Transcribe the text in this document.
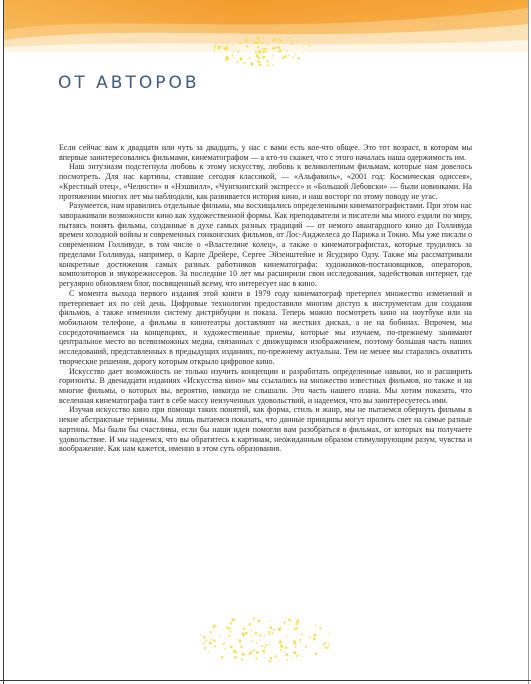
ОТ АВТОРОВ

Если сейчас вам к двадцати или чуть за двадцать, у нас с вами есть кое-что общее. Это тот возраст, в котором мы впервые заинтересовались фильмами, кинематографом — а кто-то скажет, что с этого началась наша одержимость им.

Наш энтузиазм подстегнула любовь к этому искусству, любовь к великолепным фильмам, которые нам довелось посмотреть. Для нас картины, ставшие сегодня классикой, — «Альфавиль», «2001 год: Космическая одиссея», «Крестный отец», «Челюсти» и «Нэшвилл», «Чунгкингский экспресс» и «Большой Лебовски» — были новинками. На протяжении многих лет мы наблюдали, как развивается история кино, и наш восторг по этому поводу не угас.

Разумеется, нам нравились отдельные фильмы, мы восхищались определенными кинематографистами. При этом нас завораживали возможности кино как художественной формы. Как преподаватели и писатели мы много ездили по миру, пытаясь понять фильмы, созданные в духе самых разных традиций — от немого авангардного кино до Голливуда времен холодной войны и современных гонконгских фильмов, от Лос-Анджелеса до Парижа и Токио. Мы уже писали о современном Голливуде, в том числе о «Властелине колец», а также о кинематографистах, которые трудились за пределами Голливуда, например, о Карле Дрейере, Сергее Эйзенштейне и Ясудзиро Одзу. Также мы рассматривали конкретные достижения самых разных работников кинематографа: художников-постановщиков, операторов, композиторов и звукорежиссеров. За последние 10 лет мы расширили свои исследования, задействовав интернет, где регулярно обновляем блог, посвященный всему, что интересует нас в кино.

С момента выхода первого издания этой книги в 1979 году кинематограф претерпел множество изменений и претерпевает их по сей день. Цифровые технологии предоставили многим доступ к инструментам для создания фильмов, а также изменили систему дистрибуции и показа. Теперь можно посмотреть кино на ноутбуке или на мобильном телефоне, а фильмы в кинотеатры доставляют на жестких дисках, а не на бобинах. Впрочем, мы сосредоточиваемся на концепциях, и художественные приемы, которые мы изучаем, по-прежнему занимают центральное место во всевозможных медиа, связанных с движущимся изображением, поэтому большая часть наших исследований, представленных в предыдущих изданиях, по-прежнему актуальна. Тем не менее мы старались охватить творческие решения, дорогу которым открыло цифровое кино.

Искусство дает возможность не только изучить концепции и разработать определенные навыки, но и расширить горизонты. В двенадцати изданиях «Искусства кино» мы ссылались на множество известных фильмов, но также и на многие фильмы, о которых вы, вероятно, никогда не слышали. Это часть нашего плана. Мы хотим показать, что вселенная кинематографа таит в себе массу неизученных удовольствий, и надеемся, что вы заинтересуетесь ими.

Изучая искусство кино при помощи таких понятий, как форма, стиль и жанр, мы не пытаемся обернуть фильмы в некие абстрактные термины. Мы лишь пытаемся показать, что данные принципы могут пролить свет на самые разные картины. Мы были бы счастливы, если бы наши идеи помогли вам разобраться в фильмах, от которых вы получаете удовольствие. И мы надеемся, что вы обратитесь к картинам, неожиданным образом стимулирующим разум, чувства и воображение. Как нам кажется, именно в этом суть образования.
